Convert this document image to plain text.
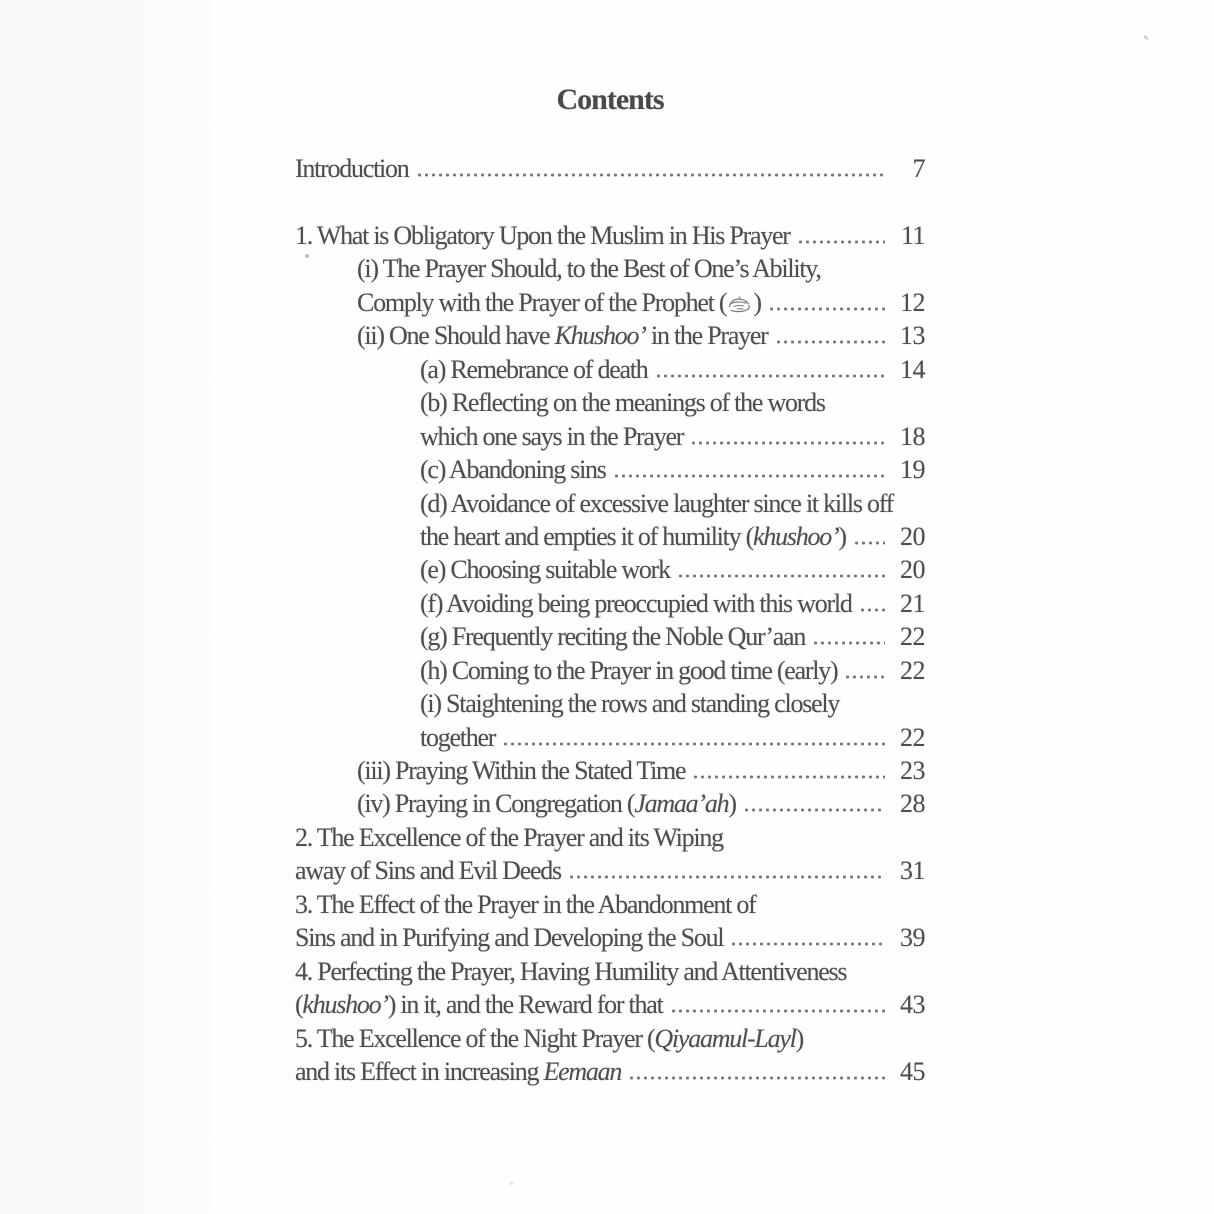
Contents
Introduction	7
1. What is Obligatory Upon the Muslim in His Prayer	11
(i) The Prayer Should, to the Best of One’s Ability,
Comply with the Prayer of the Prophet ( )	12
(ii) One Should have Khushoo’ in the Prayer	13
(a) Remebrance of death	14
(b) Reflecting on the meanings of the words
which one says in the Prayer	18
(c) Abandoning sins	19
(d) Avoidance of excessive laughter since it kills off
the heart and empties it of humility (khushoo’)	20
(e) Choosing suitable work	20
(f) Avoiding being preoccupied with this world	21
(g) Frequently reciting the Noble Qur’aan	22
(h) Coming to the Prayer in good time (early)	22
(i) Staightening the rows and standing closely
together	22
(iii) Praying Within the Stated Time	23
(iv) Praying in Congregation (Jamaa’ah)	28
2. The Excellence of the Prayer and its Wiping
away of Sins and Evil Deeds	31
3. The Effect of the Prayer in the Abandonment of
Sins and in Purifying and Developing the Soul	39
4. Perfecting the Prayer, Having Humility and Attentiveness
(khushoo’) in it, and the Reward for that	43
5. The Excellence of the Night Prayer (Qiyaamul-Layl)
and its Effect in increasing Eemaan	45
